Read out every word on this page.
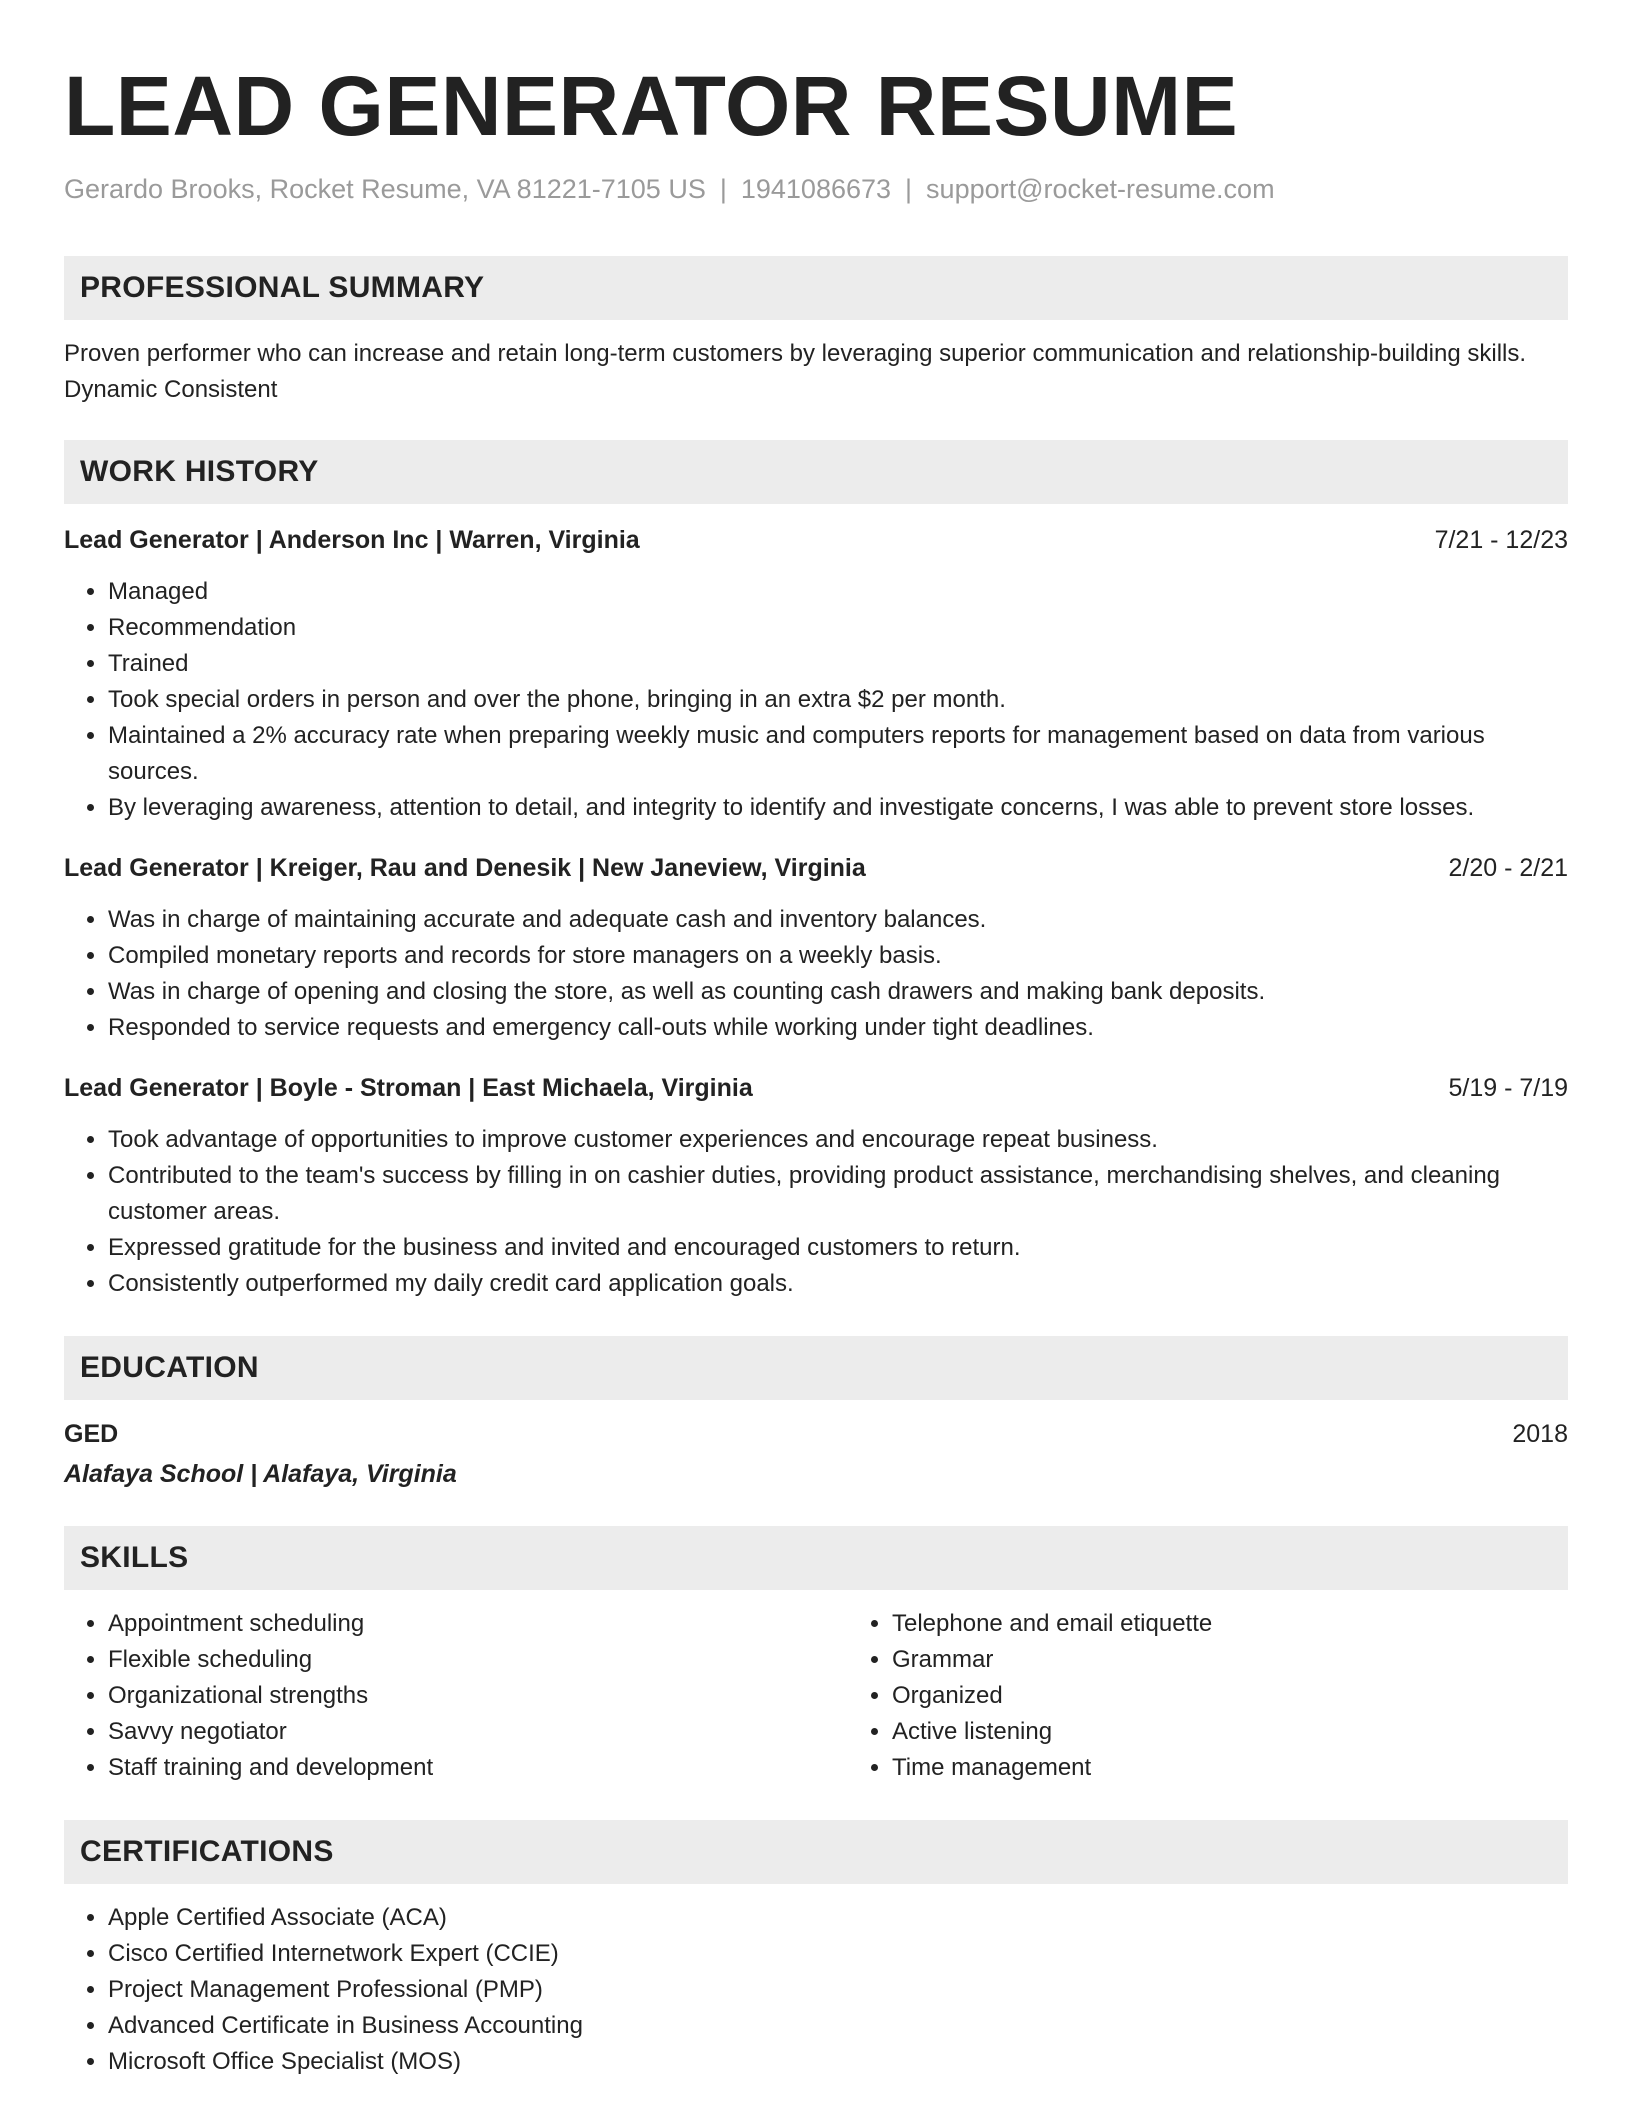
LEAD GENERATOR RESUME
Gerardo Brooks, Rocket Resume, VA 81221-7105 US | 1941086673 | support@rocket-resume.com
PROFESSIONAL SUMMARY
Proven performer who can increase and retain long-term customers by leveraging superior communication and relationship-building skills. Dynamic Consistent
WORK HISTORY
Lead Generator | Anderson Inc | Warren, Virginia	7/21 - 12/23
• Managed
• Recommendation
• Trained
• Took special orders in person and over the phone, bringing in an extra $2 per month.
• Maintained a 2% accuracy rate when preparing weekly music and computers reports for management based on data from various sources.
• By leveraging awareness, attention to detail, and integrity to identify and investigate concerns, I was able to prevent store losses.
Lead Generator | Kreiger, Rau and Denesik | New Janeview, Virginia	2/20 - 2/21
• Was in charge of maintaining accurate and adequate cash and inventory balances.
• Compiled monetary reports and records for store managers on a weekly basis.
• Was in charge of opening and closing the store, as well as counting cash drawers and making bank deposits.
• Responded to service requests and emergency call-outs while working under tight deadlines.
Lead Generator | Boyle - Stroman | East Michaela, Virginia	5/19 - 7/19
• Took advantage of opportunities to improve customer experiences and encourage repeat business.
• Contributed to the team's success by filling in on cashier duties, providing product assistance, merchandising shelves, and cleaning customer areas.
• Expressed gratitude for the business and invited and encouraged customers to return.
• Consistently outperformed my daily credit card application goals.
EDUCATION
GED	2018
Alafaya School | Alafaya, Virginia
SKILLS
• Appointment scheduling
• Flexible scheduling
• Organizational strengths
• Savvy negotiator
• Staff training and development
• Telephone and email etiquette
• Grammar
• Organized
• Active listening
• Time management
CERTIFICATIONS
• Apple Certified Associate (ACA)
• Cisco Certified Internetwork Expert (CCIE)
• Project Management Professional (PMP)
• Advanced Certificate in Business Accounting
• Microsoft Office Specialist (MOS)
